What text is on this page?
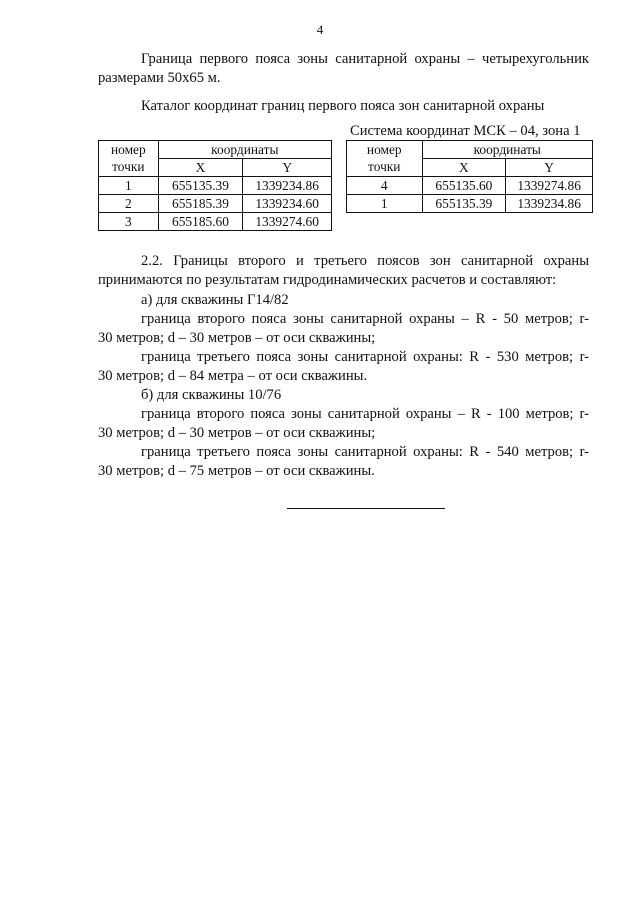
4
Граница первого пояса зоны санитарной охраны – четырехугольник
размерами 50х65 м.
Каталог координат границ первого пояса зон санитарной охраны
Система координат МСК – 04, зона 1
номер	координаты	
точки	X	Y
1	655135.39	1339234.86
2	655185.39	1339234.60
3	655185.60	1339274.60
номер	координаты	
точки	X	Y
4	655135.60	1339274.86
1	655135.39	1339234.86
2.2. Границы второго и третьего поясов зон санитарной охраны
принимаются по результатам гидродинамических расчетов и составляют:
а) для скважины Г14/82
граница второго пояса зоны санитарной охраны – R - 50 метров; r-
30 метров; d – 30 метров – от оси скважины;
граница третьего пояса зоны санитарной охраны: R - 530 метров; r-
30 метров; d – 84 метра – от оси скважины.
б) для скважины 10/76
граница второго пояса зоны санитарной охраны – R - 100 метров; r-
30 метров; d – 30 метров – от оси скважины;
граница третьего пояса зоны санитарной охраны: R - 540 метров; r-
30 метров; d – 75 метров – от оси скважины.
